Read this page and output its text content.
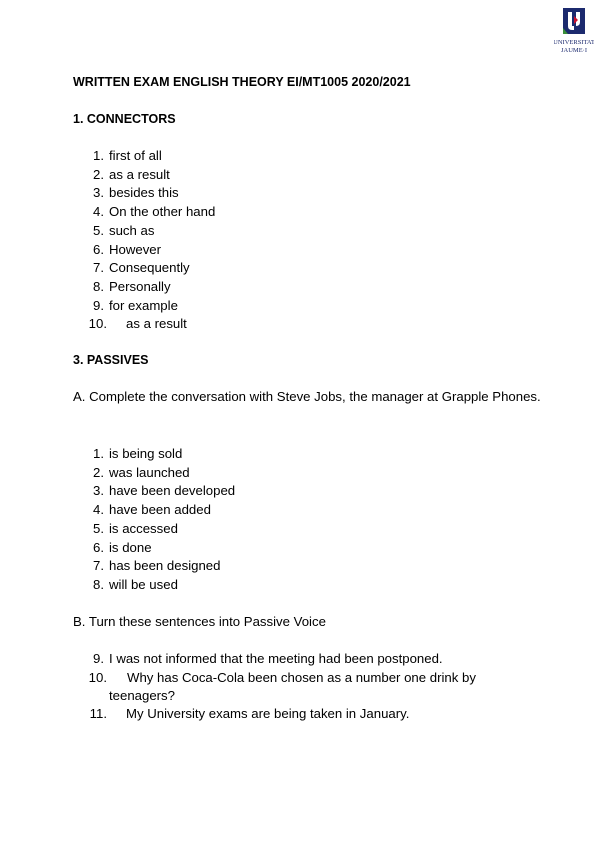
UNIVERSITAT
JAUME·I
WRITTEN EXAM ENGLISH THEORY EI/MT1005 2020/2021
1. CONNECTORS
1. first of all
2. as a result
3. besides this
4. On the other hand
5. such as
6. However
7. Consequently
8. Personally
9. for example
10. as a result
3. PASSIVES
A. Complete the conversation with Steve Jobs, the manager at Grapple Phones.
1. is being sold
2. was launched
3. have been developed
4. have been added
5. is accessed
6. is done
7. has been designed
8. will be used
B. Turn these sentences into Passive Voice
9. I was not informed that the meeting had been postponed.
10. Why has Coca-Cola been chosen as a number one drink by
teenagers?
11. My University exams are being taken in January.
